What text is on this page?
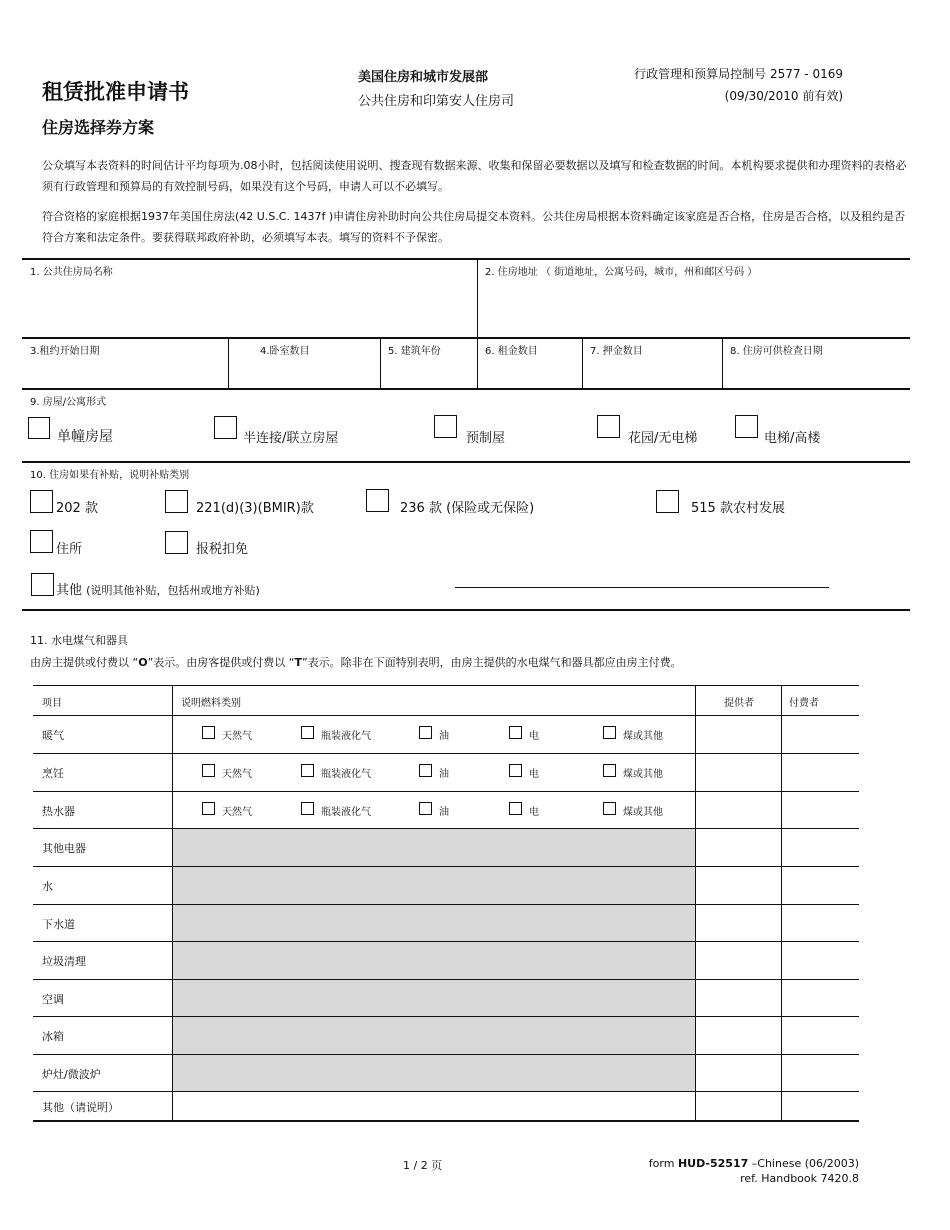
租赁批准申请书
住房选择券方案
美国住房和城市发展部
公共住房和印第安人住房司
行政管理和预算局控制号 2577 - 0169
(09/30/2010 前有效)
公众填写本表资料的时间估计平均每项为.08小时，包括阅读使用说明、搜查现有数据来源、收集和保留必要数据以及填写和检查数据的时间。本机构要求提供和办理资料的表格必须有行政管理和预算局的有效控制号码，如果没有这个号码，申请人可以不必填写。
符合资格的家庭根据1937年美国住房法(42 U.S.C. 1437f )申请住房补助时向公共住房局提交本资料。公共住房局根据本资料确定该家庭是否合格，住房是否合格，以及租约是否符合方案和法定条件。要获得联邦政府补助，必须填写本表。填写的资料不予保密。
1. 公共住房局名称	2. 住房地址 （ 街道地址，公寓号码，城市，州和邮区号码 ）
3.租约开始日期	4.卧室数目	5. 建筑年份	6. 租金数目	7. 押金数目	8. 住房可供检查日期
9. 房屋/公寓形式
单幢房屋	半连接/联立房屋	预制屋	花园/无电梯	电梯/高楼
10. 住房如果有补贴，说明补贴类别
202 款	221(d)(3)(BMIR)款	236 款 (保险或无保险)	515 款农村发展
住所	报税扣免
其他 (说明其他补贴，包括州或地方补贴)
11. 水电煤气和器具
由房主提供或付费以 “O”表示。由房客提供或付费以 “T”表示。除非在下面特别表明，由房主提供的水电煤气和器具都应由房主付费。
项目	说明燃料类别	提供者	付费者
暖气	天然气	瓶装液化气	油	电	煤或其他
烹饪	天然气	瓶装液化气	油	电	煤或其他
热水器	天然气	瓶装液化气	油	电	煤或其他
其他电器
水
下水道
垃圾清理
空调
冰箱
炉灶/微波炉
其他（请说明）
1 / 2 页	form HUD-52517 –Chinese (06/2003)
ref. Handbook 7420.8
